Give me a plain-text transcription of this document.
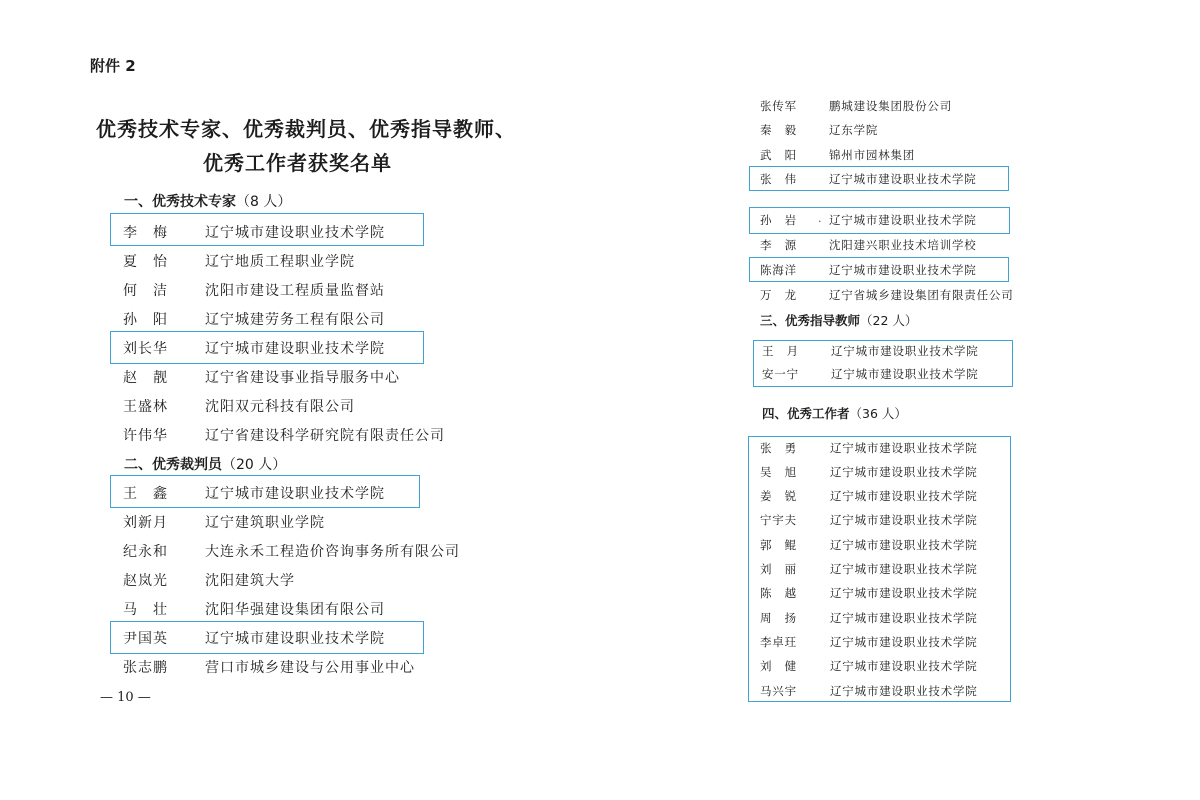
附件 2
优秀技术专家、优秀裁判员、优秀指导教师、
优秀工作者获奖名单
一、优秀技术专家（8 人）
李　梅	辽宁城市建设职业技术学院
夏　怡	辽宁地质工程职业学院
何　洁	沈阳市建设工程质量监督站
孙　阳	辽宁城建劳务工程有限公司
刘长华	辽宁城市建设职业技术学院
赵　靓	辽宁省建设事业指导服务中心
王盛林	沈阳双元科技有限公司
许伟华	辽宁省建设科学研究院有限责任公司
二、优秀裁判员（20 人）
王　鑫	辽宁城市建设职业技术学院
刘新月	辽宁建筑职业学院
纪永和	大连永禾工程造价咨询事务所有限公司
赵岚光	沈阳建筑大学
马　壮	沈阳华强建设集团有限公司
尹国英	辽宁城市建设职业技术学院
张志鹏	营口市城乡建设与公用事业中心
— 10 —
张传军	鹏城建设集团股份公司
秦　毅	辽东学院
武　阳	锦州市园林集团
张　伟	辽宁城市建设职业技术学院
孙　岩	辽宁城市建设职业技术学院
李　源	沈阳建兴职业技术培训学校
陈海洋	辽宁城市建设职业技术学院
万　龙	辽宁省城乡建设集团有限责任公司
.
三、优秀指导教师（22 人）
王　月	辽宁城市建设职业技术学院
安一宁	辽宁城市建设职业技术学院
四、优秀工作者（36 人）
张　勇	辽宁城市建设职业技术学院
吴　旭	辽宁城市建设职业技术学院
姜　锐	辽宁城市建设职业技术学院
宁宇夫	辽宁城市建设职业技术学院
郭　鲲	辽宁城市建设职业技术学院
刘　丽	辽宁城市建设职业技术学院
陈　越	辽宁城市建设职业技术学院
周　扬	辽宁城市建设职业技术学院
李卓玨	辽宁城市建设职业技术学院
刘　健	辽宁城市建设职业技术学院
马兴宇	辽宁城市建设职业技术学院
